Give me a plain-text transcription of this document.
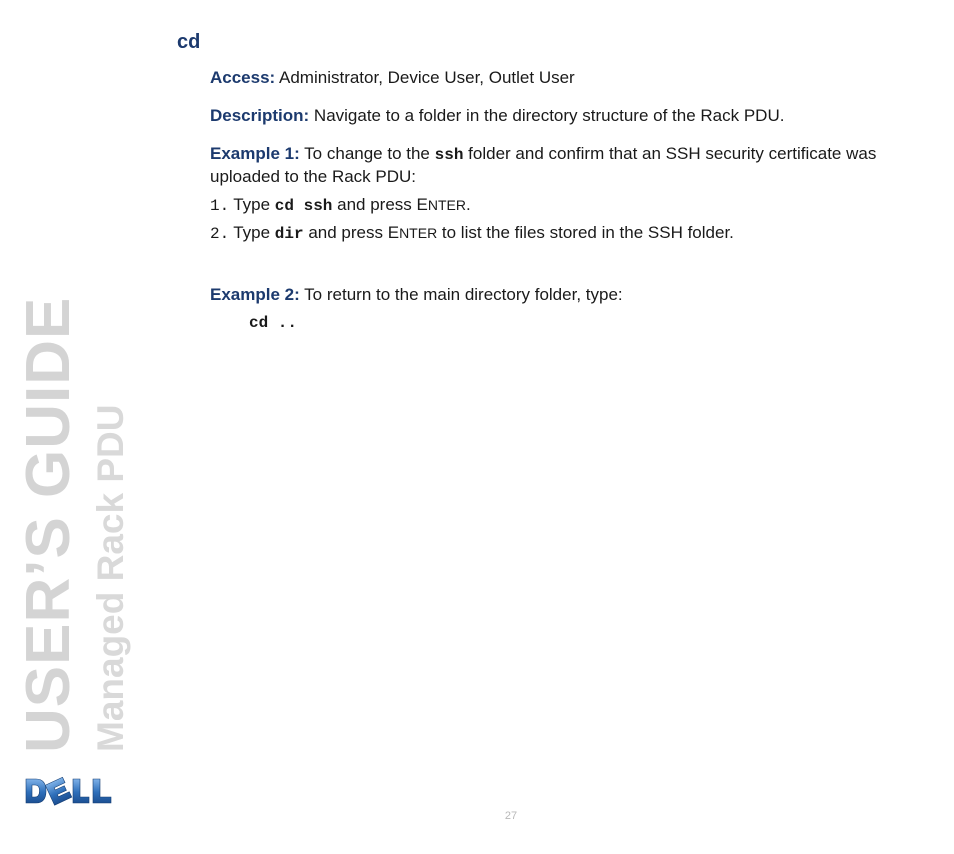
cd

Access: Administrator, Device User, Outlet User

Description: Navigate to a folder in the directory structure of the Rack PDU.

Example 1: To change to the ssh folder and confirm that an SSH security certificate was uploaded to the Rack PDU:

1. Type cd ssh and press ENTER.
2. Type dir and press ENTER to list the files stored in the SSH folder.

Example 2: To return to the main directory folder, type:

cd ..
USER’S GUIDE Managed Rack PDU
27
